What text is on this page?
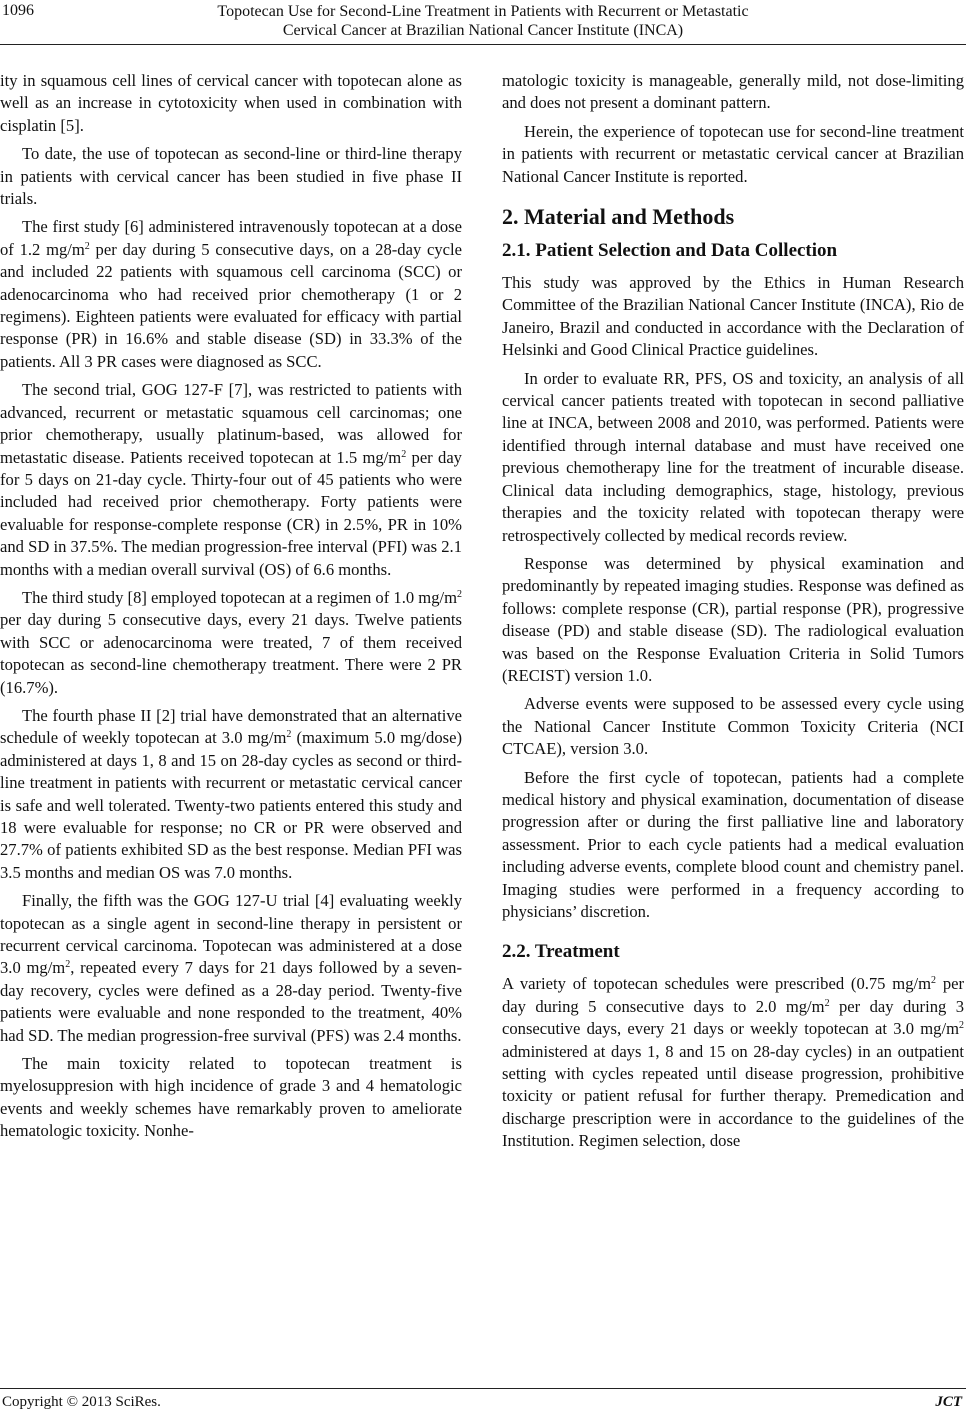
1096	Topotecan Use for Second-Line Treatment in Patients with Recurrent or Metastatic
Cervical Cancer at Brazilian National Cancer Institute (INCA)

ity in squamous cell lines of cervical cancer with topotecan alone as well as an increase in cytotoxicity when used in combination with cisplatin [5].

To date, the use of topotecan as second-line or third-line therapy in patients with cervical cancer has been studied in five phase II trials.

The first study [6] administered intravenously topotecan at a dose of 1.2 $mg/m^2$ per day during 5 consecutive days, on a 28-day cycle and included 22 patients with squamous cell carcinoma (SCC) or adenocarcinoma who had received prior chemotherapy (1 or 2 regimens). Eighteen patients were evaluated for efficacy with partial response (PR) in 16.6% and stable disease (SD) in 33.3% of the patients. All 3 PR cases were diagnosed as SCC.

The second trial, GOG 127-F [7], was restricted to patients with advanced, recurrent or metastatic squamous cell carcinomas; one prior chemotherapy, usually platinum-based, was allowed for metastatic disease. Patients received topotecan at 1.5 $mg/m^2$ per day for 5 days on 21-day cycle. Thirty-four out of 45 patients who were included had received prior chemotherapy. Forty patients were evaluable for response-complete response (CR) in 2.5%, PR in 10% and SD in 37.5%. The median progression-free interval (PFI) was 2.1 months with a median overall survival (OS) of 6.6 months.

The third study [8] employed topotecan at a regimen of 1.0 $mg/m^2$ per day during 5 consecutive days, every 21 days. Twelve patients with SCC or adenocarcinoma were treated, 7 of them received topotecan as second-line chemotherapy treatment. There were 2 PR (16.7%).

The fourth phase II [2] trial have demonstrated that an alternative schedule of weekly topotecan at 3.0 $mg/m^2$ (maximum 5.0 mg/dose) administered at days 1, 8 and 15 on 28-day cycles as second or third-line treatment in patients with recurrent or metastatic cervical cancer is safe and well tolerated. Twenty-two patients entered this study and 18 were evaluable for response; no CR or PR were observed and 27.7% of patients exhibited SD as the best response. Median PFI was 3.5 months and median OS was 7.0 months.

Finally, the fifth was the GOG 127-U trial [4] evaluating weekly topotecan as a single agent in second-line therapy in persistent or recurrent cervical carcinoma. Topotecan was administered at a dose 3.0 $mg/m^2$, repeated every 7 days for 21 days followed by a seven-day recovery, cycles were defined as a 28-day period. Twenty-five patients were evaluable and none responded to the treatment, 40% had SD. The median progression-free survival (PFS) was 2.4 months.

The main toxicity related to topotecan treatment is myelosuppresion with high incidence of grade 3 and 4 hematologic events and weekly schemes have remarkably proven to ameliorate hematologic toxicity. Nonhe-

matologic toxicity is manageable, generally mild, not dose-limiting and does not present a dominant pattern.

Herein, the experience of topotecan use for second-line treatment in patients with recurrent or metastatic cervical cancer at Brazilian National Cancer Institute is reported.

2. Material and Methods
2.1. Patient Selection and Data Collection

This study was approved by the Ethics in Human Research Committee of the Brazilian National Cancer Institute (INCA), Rio de Janeiro, Brazil and conducted in accordance with the Declaration of Helsinki and Good Clinical Practice guidelines.

In order to evaluate RR, PFS, OS and toxicity, an analysis of all cervical cancer patients treated with topotecan in second palliative line at INCA, between 2008 and 2010, was performed. Patients were identified through internal database and must have received one previous chemotherapy line for the treatment of incurable disease. Clinical data including demographics, stage, histology, previous therapies and the toxicity related with topotecan therapy were retrospectively collected by medical records review.

Response was determined by physical examination and predominantly by repeated imaging studies. Response was defined as follows: complete response (CR), partial response (PR), progressive disease (PD) and stable disease (SD). The radiological evaluation was based on the Response Evaluation Criteria in Solid Tumors (RECIST) version 1.0.

Adverse events were supposed to be assessed every cycle using the National Cancer Institute Common Toxicity Criteria (NCI CTCAE), version 3.0.

Before the first cycle of topotecan, patients had a complete medical history and physical examination, documentation of disease progression after or during the first palliative line and laboratory assessment. Prior to each cycle patients had a medical evaluation including adverse events, complete blood count and chemistry panel. Imaging studies were performed in a frequency according to physicians’ discretion.

2.2. Treatment

A variety of topotecan schedules were prescribed (0.75 $mg/m^2$ per day during 5 consecutive days to 2.0 $mg/m^2$ per day during 3 consecutive days, every 21 days or weekly topotecan at 3.0 $mg/m^2$ administered at days 1, 8 and 15 on 28-day cycles) in an outpatient setting with cycles repeated until disease progression, prohibitive toxicity or patient refusal for further therapy. Premedication and discharge prescription were in accordance to the guidelines of the Institution. Regimen selection, dose

Copyright © 2013 SciRes.	JCT
